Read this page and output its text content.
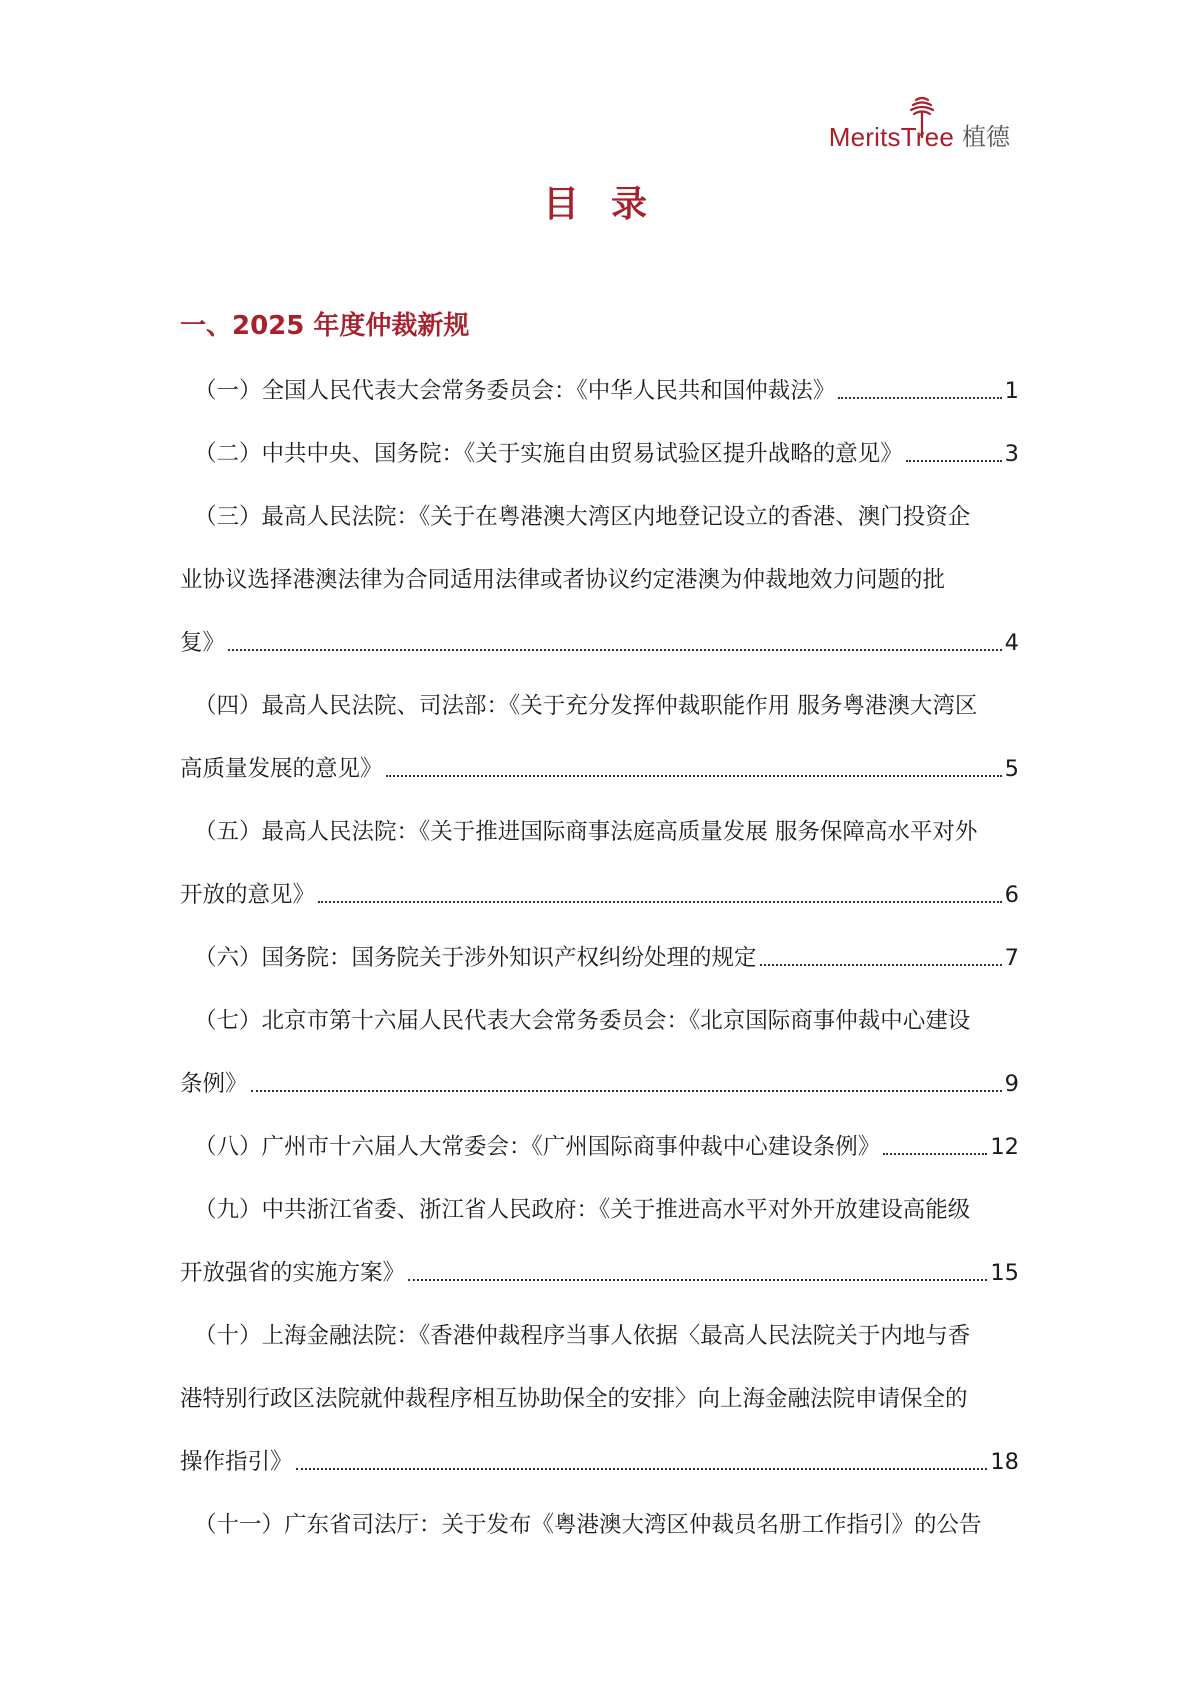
MeritsTree 植德
目录
一、2025 年度仲裁新规
（一）全国人民代表大会常务委员会：《中华人民共和国仲裁法》	1
（二）中共中央、国务院：《关于实施自由贸易试验区提升战略的意见》	3
（三）最高人民法院：《关于在粤港澳大湾区内地登记设立的香港、澳门投资企
业协议选择港澳法律为合同适用法律或者协议约定港澳为仲裁地效力问题的批
复》	4
（四）最高人民法院、司法部：《关于充分发挥仲裁职能作用 服务粤港澳大湾区
高质量发展的意见》	5
（五）最高人民法院：《关于推进国际商事法庭高质量发展 服务保障高水平对外
开放的意见》	6
（六）国务院：国务院关于涉外知识产权纠纷处理的规定	7
（七）北京市第十六届人民代表大会常务委员会：《北京国际商事仲裁中心建设
条例》	9
（八）广州市十六届人大常委会：《广州国际商事仲裁中心建设条例》	12
（九）中共浙江省委、浙江省人民政府：《关于推进高水平对外开放建设高能级
开放强省的实施方案》	15
（十）上海金融法院：《香港仲裁程序当事人依据〈最高人民法院关于内地与香
港特别行政区法院就仲裁程序相互协助保全的安排〉向上海金融法院申请保全的
操作指引》	18
（十一）广东省司法厅：关于发布《粤港澳大湾区仲裁员名册工作指引》的公告
